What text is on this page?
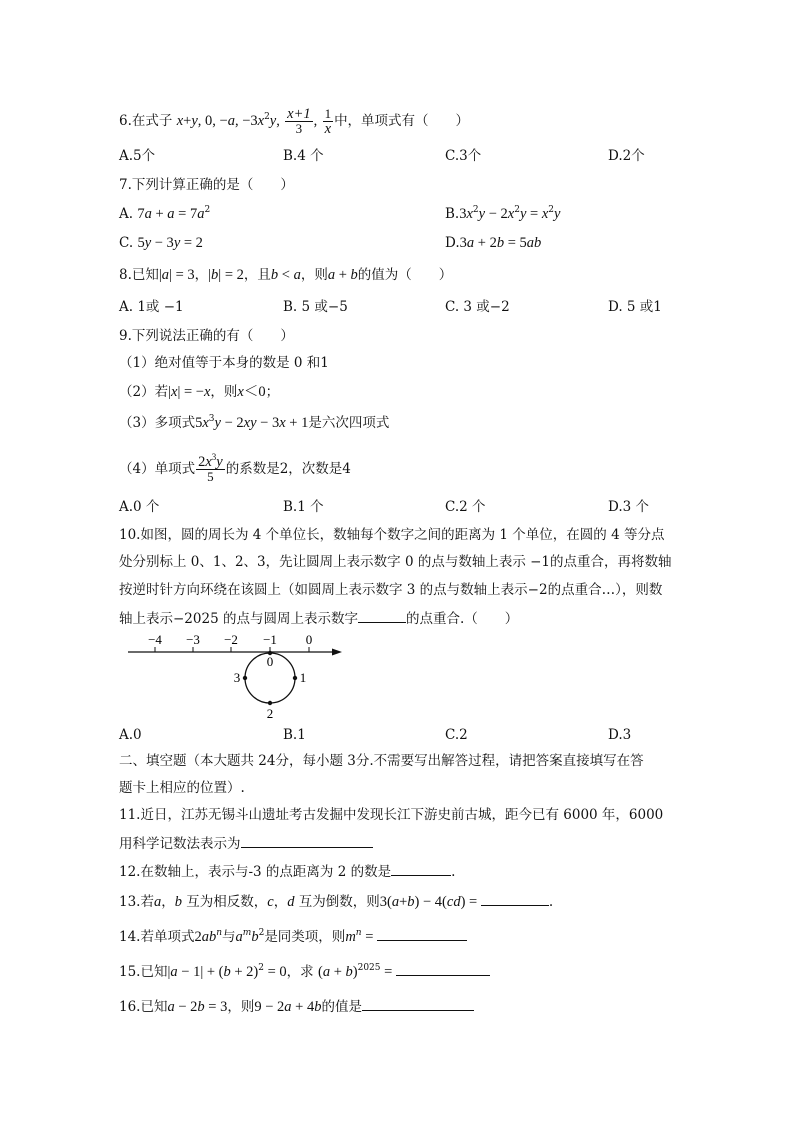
6.在式子 x+y, 0, −a, $-3x^2y$, $\frac{x+1}{3}$ , $\frac{1}{x}$ 中，单项式有（　　）
A.5个	B.4 个	C.3个	D.2个
7.下列计算正确的是（　　）
A. $7a + a = 7a^2$	$B.3x^2y - 2x^2y = x^2y$
C. 5y − 3y = 2	D.3a + 2b = 5ab
8.已知|a| = 3，|b| = 2，且b < a，则a + b的值为（　　）
A. 1或 −1	B. 5 或−5	C. 3 或−2	D. 5 或1
9.下列说法正确的有（　　）
（1）绝对值等于本身的数是 0 和1
（2）若|x| = −x，则x＜0；
（3）多项式$5x^3y - 2xy - 3x + 1$是六次四项式
（4）单项式 $\frac{2x^3y}{5}$ 的系数是2，次数是4
A.0 个	B.1 个	C.2 个	D.3 个
10.如图，圆的周长为 4 个单位长，数轴每个数字之间的距离为 1 个单位，在圆的 4 等分点
处分别标上 0、1、2、3，先让圆周上表示数字 0 的点与数轴上表示 −1的点重合，再将数轴
按逆时针方向环绕在该圆上（如圆周上表示数字 3 的点与数轴上表示−2的点重合…），则数
轴上表示−2025 的点与圆周上表示数字	的点重合.（　　）
−4 −3 −2 −1 0
0
1
2
3
A.0	B.1	C.2	D.3
二、填空题（本大题共 24分，每小题 3分.不需要写出解答过程，请把答案直接填写在答
题卡上相应的位置）.
11.近日，江苏无锡斗山遗址考古发掘中发现长江下游史前古城，距今已有 6000 年，6000
用科学记数法表示为
12.在数轴上，表示与-3 的点距离为 2 的数是	.
13.若a，b 互为相反数，c，d 互为倒数，则3(a+b) − 4(cd) =	.
14.若单项式$2ab^n$与$a^mb^2$是同类项，则$m^n$ =
15.已知$|a - 1| + (b + 2)^2 = 0$，求 $(a + b)^{2025}$ =
16.已知a − 2b = 3，则9 − 2a + 4b的值是
